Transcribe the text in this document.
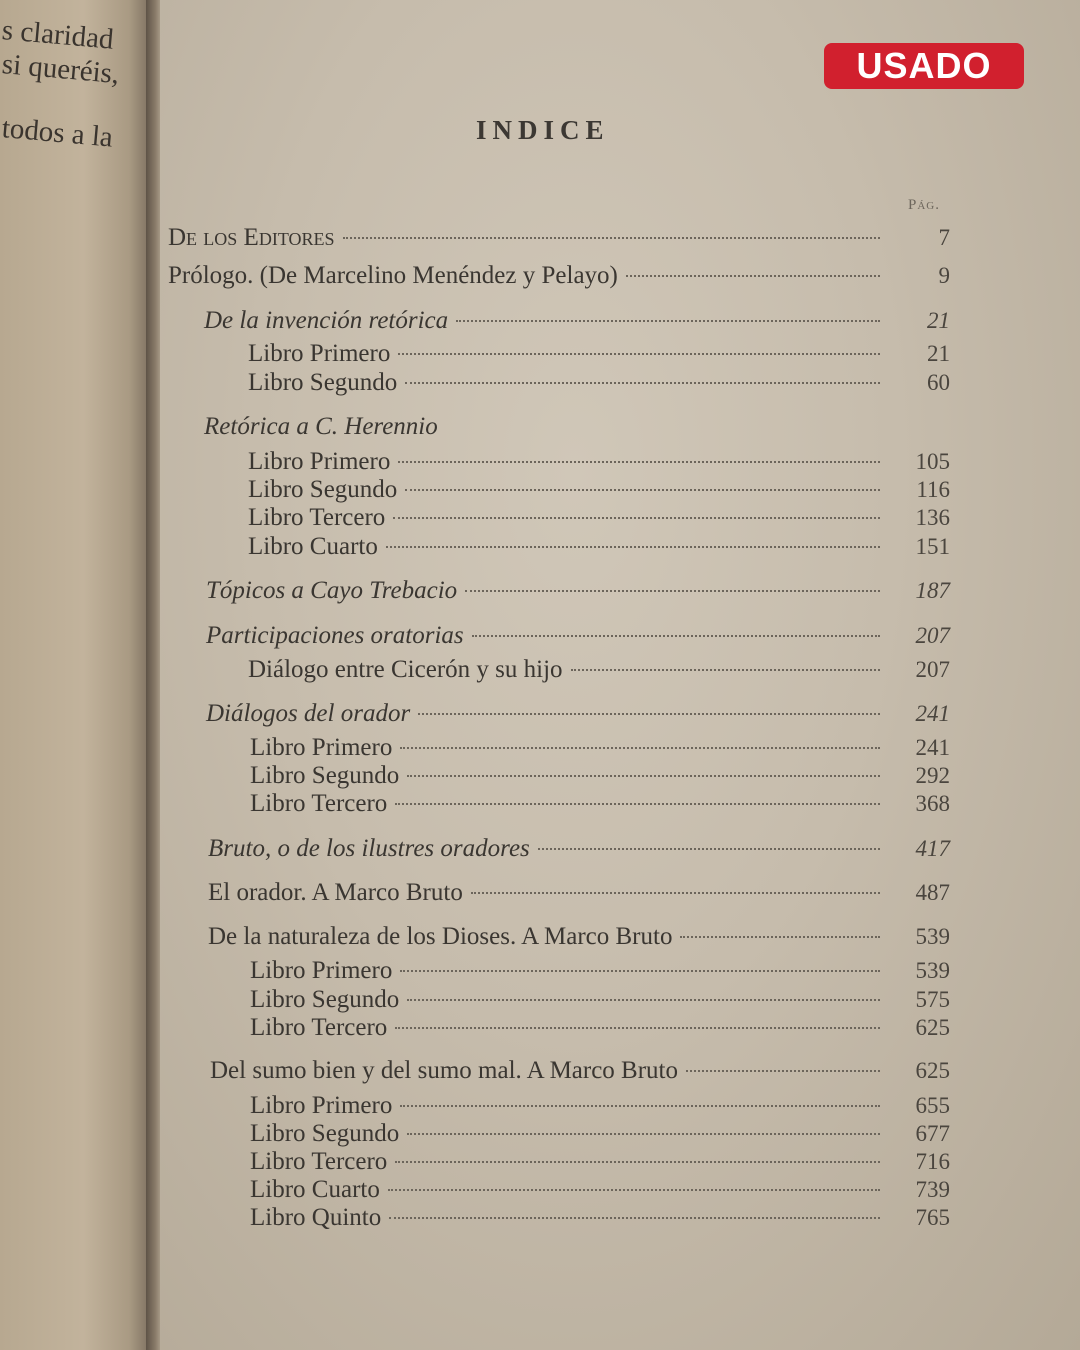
s claridad
si queréis,
todos a la
USADO
INDICE
Pág.
De los Editores	7
Prólogo. (De Marcelino Menéndez y Pelayo)	9
De la invención retórica	21
Libro Primero	21
Libro Segundo	60
Retórica a C. Herennio
Libro Primero	105
Libro Segundo	116
Libro Tercero	136
Libro Cuarto	151
Tópicos a Cayo Trebacio	187
Participaciones oratorias	207
Diálogo entre Cicerón y su hijo	207
Diálogos del orador	241
Libro Primero	241
Libro Segundo	292
Libro Tercero	368
Bruto, o de los ilustres oradores	417
El orador. A Marco Bruto	487
De la naturaleza de los Dioses. A Marco Bruto	539
Libro Primero	539
Libro Segundo	575
Libro Tercero	625
Del sumo bien y del sumo mal. A Marco Bruto	625
Libro Primero	655
Libro Segundo	677
Libro Tercero	716
Libro Cuarto	739
Libro Quinto	765
